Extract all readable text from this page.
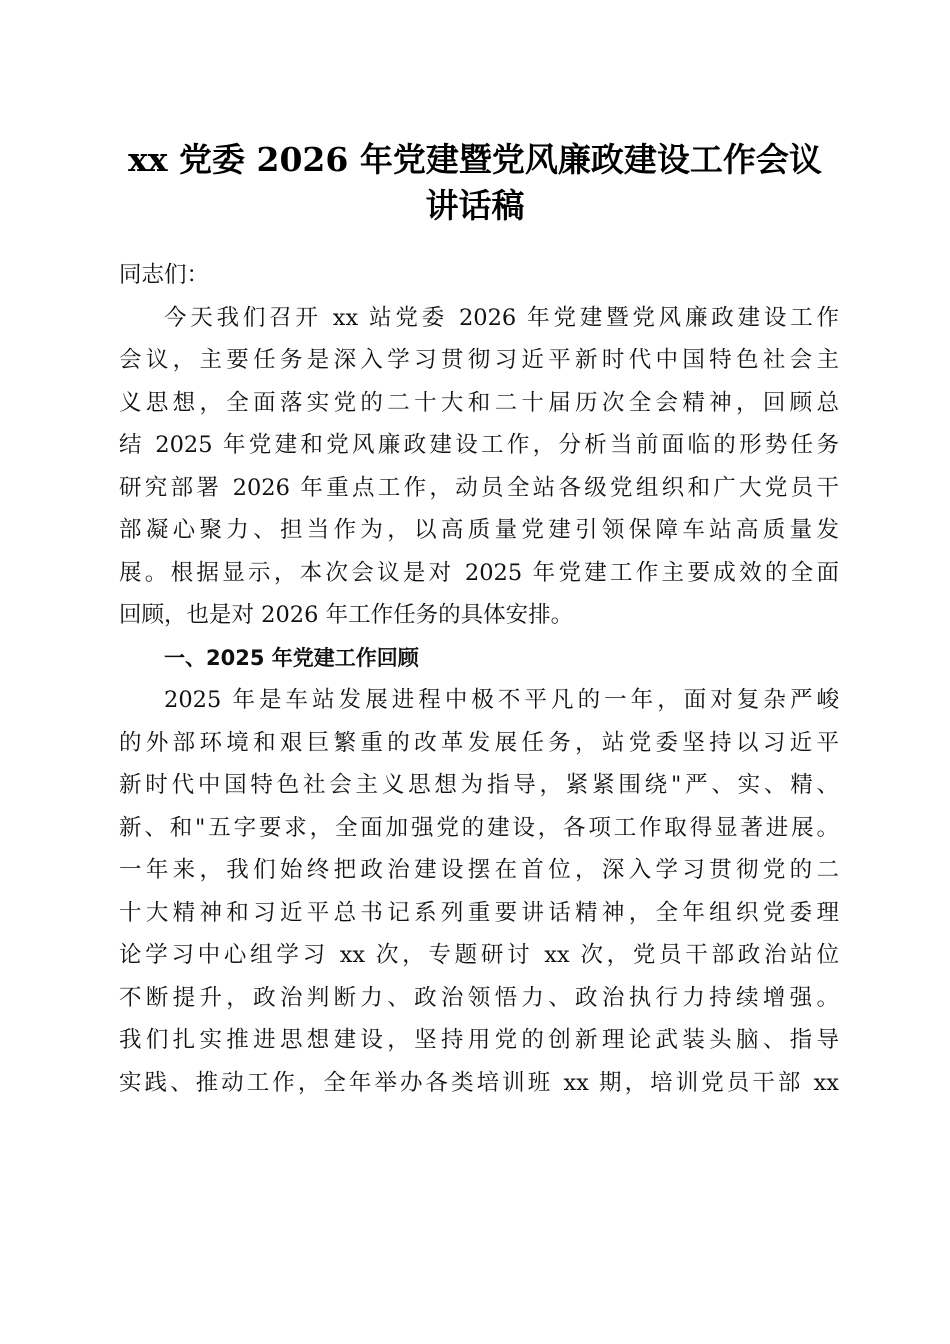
xx 党委 2026 年党建暨党风廉政建设工作会议
讲话稿
同志们：
今天我们召开 xx 站党委 2026 年党建暨党风廉政建设工作
会议，主要任务是深入学习贯彻习近平新时代中国特色社会主
义思想，全面落实党的二十大和二十届历次全会精神，回顾总
结 2025 年党建和党风廉政建设工作，分析当前面临的形势任务
研究部署 2026 年重点工作，动员全站各级党组织和广大党员干
部凝心聚力、担当作为，以高质量党建引领保障车站高质量发
展。根据显示，本次会议是对 2025 年党建工作主要成效的全面
回顾，也是对 2026 年工作任务的具体安排。
一、2025 年党建工作回顾
2025 年是车站发展进程中极不平凡的一年，面对复杂严峻
的外部环境和艰巨繁重的改革发展任务，站党委坚持以习近平
新时代中国特色社会主义思想为指导，紧紧围绕"严、实、精、
新、和"五字要求，全面加强党的建设，各项工作取得显著进展。
一年来，我们始终把政治建设摆在首位，深入学习贯彻党的二
十大精神和习近平总书记系列重要讲话精神，全年组织党委理
论学习中心组学习 xx 次，专题研讨 xx 次，党员干部政治站位
不断提升，政治判断力、政治领悟力、政治执行力持续增强。
我们扎实推进思想建设，坚持用党的创新理论武装头脑、指导
实践、推动工作，全年举办各类培训班 xx 期，培训党员干部 xx
